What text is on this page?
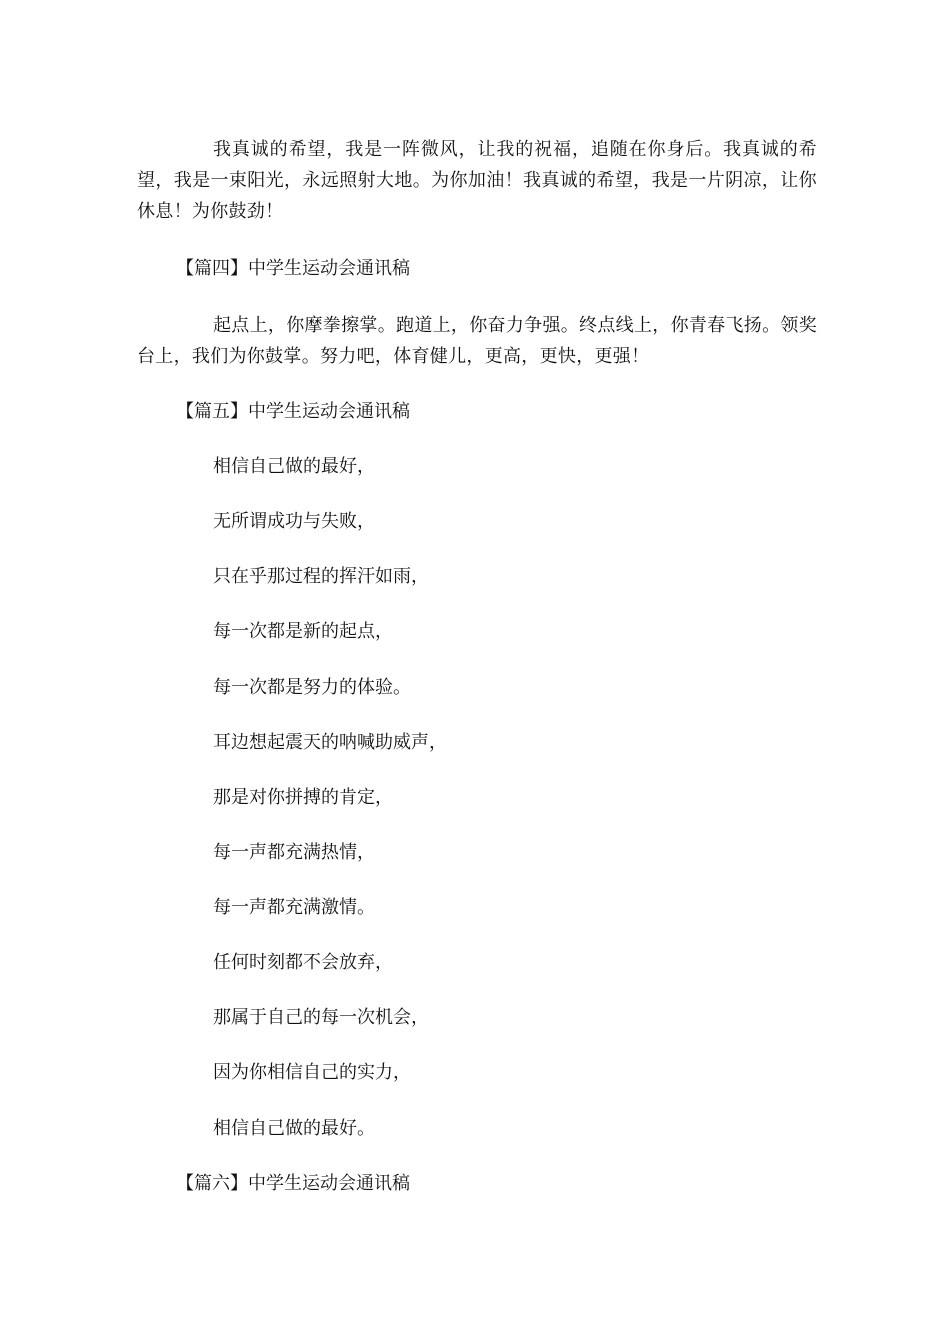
我真诚的希望，我是一阵微风，让我的祝福，追随在你身后。我真诚的希望，我是一束阳光，永远照射大地。为你加油！我真诚的希望，我是一片阴凉，让你休息！为你鼓劲！

【篇四】中学生运动会通讯稿

起点上，你摩拳擦掌。跑道上，你奋力争强。终点线上，你青春飞扬。领奖台上，我们为你鼓掌。努力吧，体育健儿，更高，更快，更强！

【篇五】中学生运动会通讯稿

相信自己做的最好，

无所谓成功与失败，

只在乎那过程的挥汗如雨，

每一次都是新的起点，

每一次都是努力的体验。

耳边想起震天的呐喊助威声，

那是对你拼搏的肯定，

每一声都充满热情，

每一声都充满激情。

任何时刻都不会放弃，

那属于自己的每一次机会，

因为你相信自己的实力，

相信自己做的最好。

【篇六】中学生运动会通讯稿
